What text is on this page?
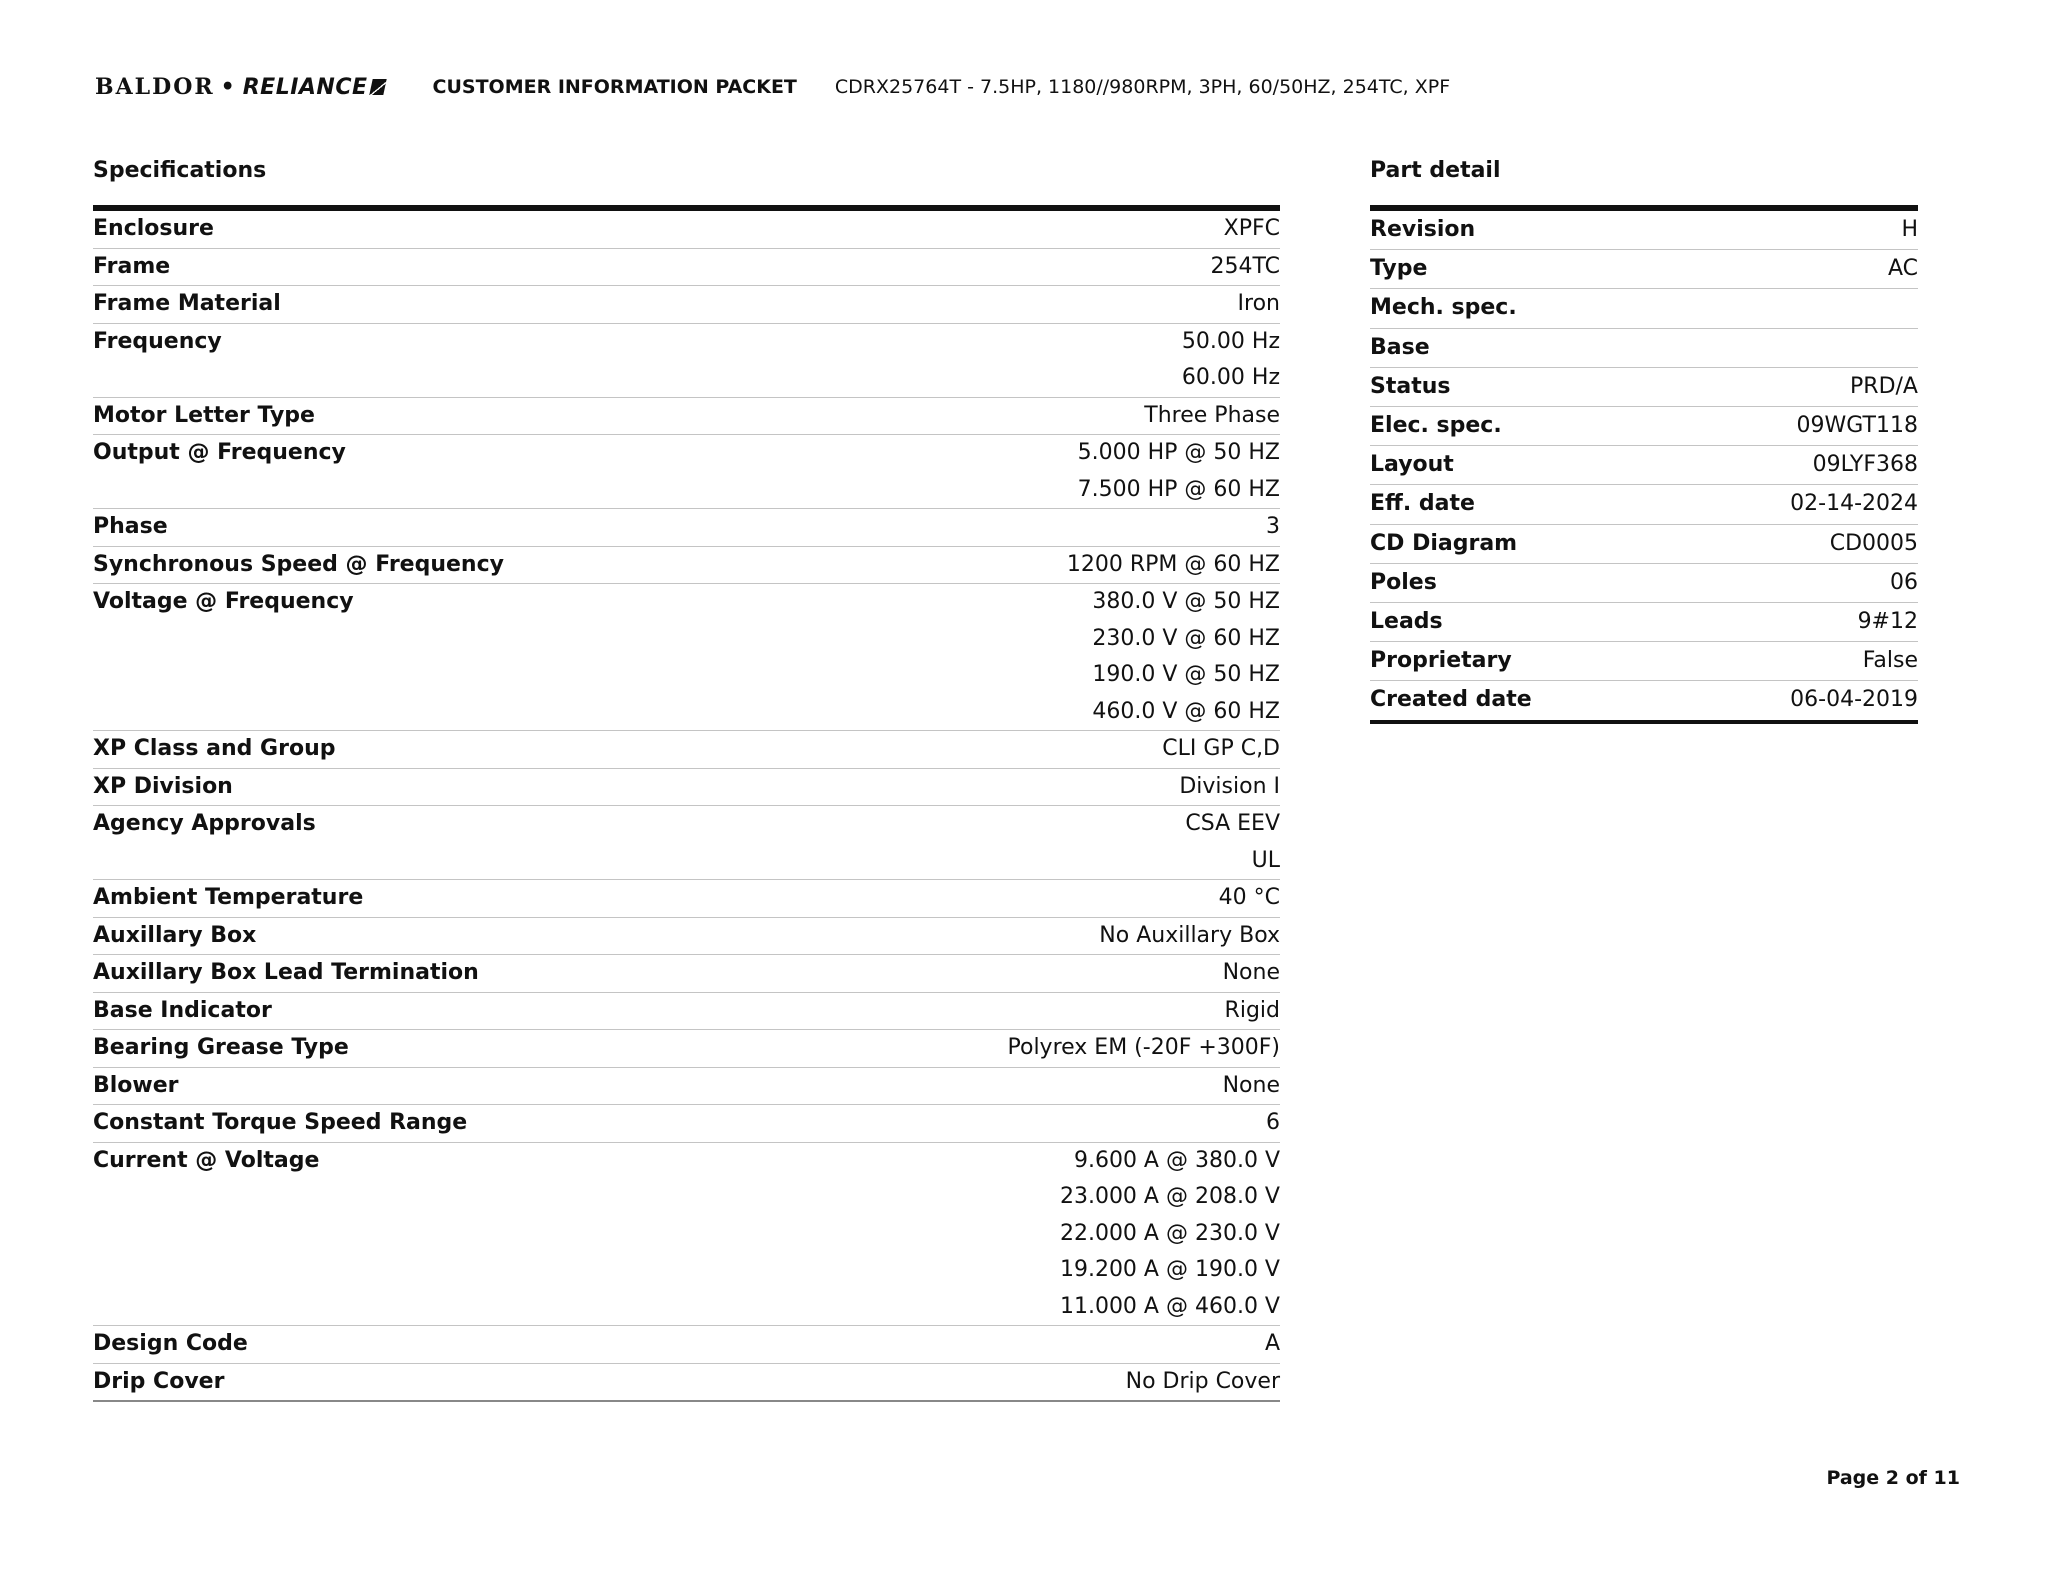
BALDOR • RELIANCE	CUSTOMER INFORMATION PACKET CDRX25764T - 7.5HP, 1180//980RPM, 3PH, 60/50HZ, 254TC, XPF
Specifications	Part detail
Enclosure	XPFC

Frame	254TC

Frame Material	Iron

Frequency	50.00 Hz
60.00 Hz

Motor Letter Type	Three Phase

Output @ Frequency	5.000 HP @ 50 HZ
7.500 HP @ 60 HZ

Phase	3

Synchronous Speed @ Frequency	1200 RPM @ 60 HZ

Voltage @ Frequency	380.0 V @ 50 HZ
230.0 V @ 60 HZ
190.0 V @ 50 HZ
460.0 V @ 60 HZ

XP Class and Group	CLI GP C,D

XP Division	Division I

Agency Approvals	CSA EEV
UL

Ambient Temperature	40 °C

Auxillary Box	No Auxillary Box

Auxillary Box Lead Termination	None

Base Indicator	Rigid

Bearing Grease Type	Polyrex EM (-20F +300F)

Blower	None

Constant Torque Speed Range	6

Current @ Voltage	9.600 A @ 380.0 V
23.000 A @ 208.0 V
22.000 A @ 230.0 V
19.200 A @ 190.0 V
11.000 A @ 460.0 V

Design Code	A

Drip Cover	No Drip Cover
Revision	H
Type	AC
Mech. spec.	
Base	
Status	PRD/A
Elec. spec.	09WGT118
Layout	09LYF368
Eff. date	02-14-2024
CD Diagram	CD0005
Poles	06
Leads	9#12
Proprietary	False
Created date	06-04-2019
Page 2 of 11
